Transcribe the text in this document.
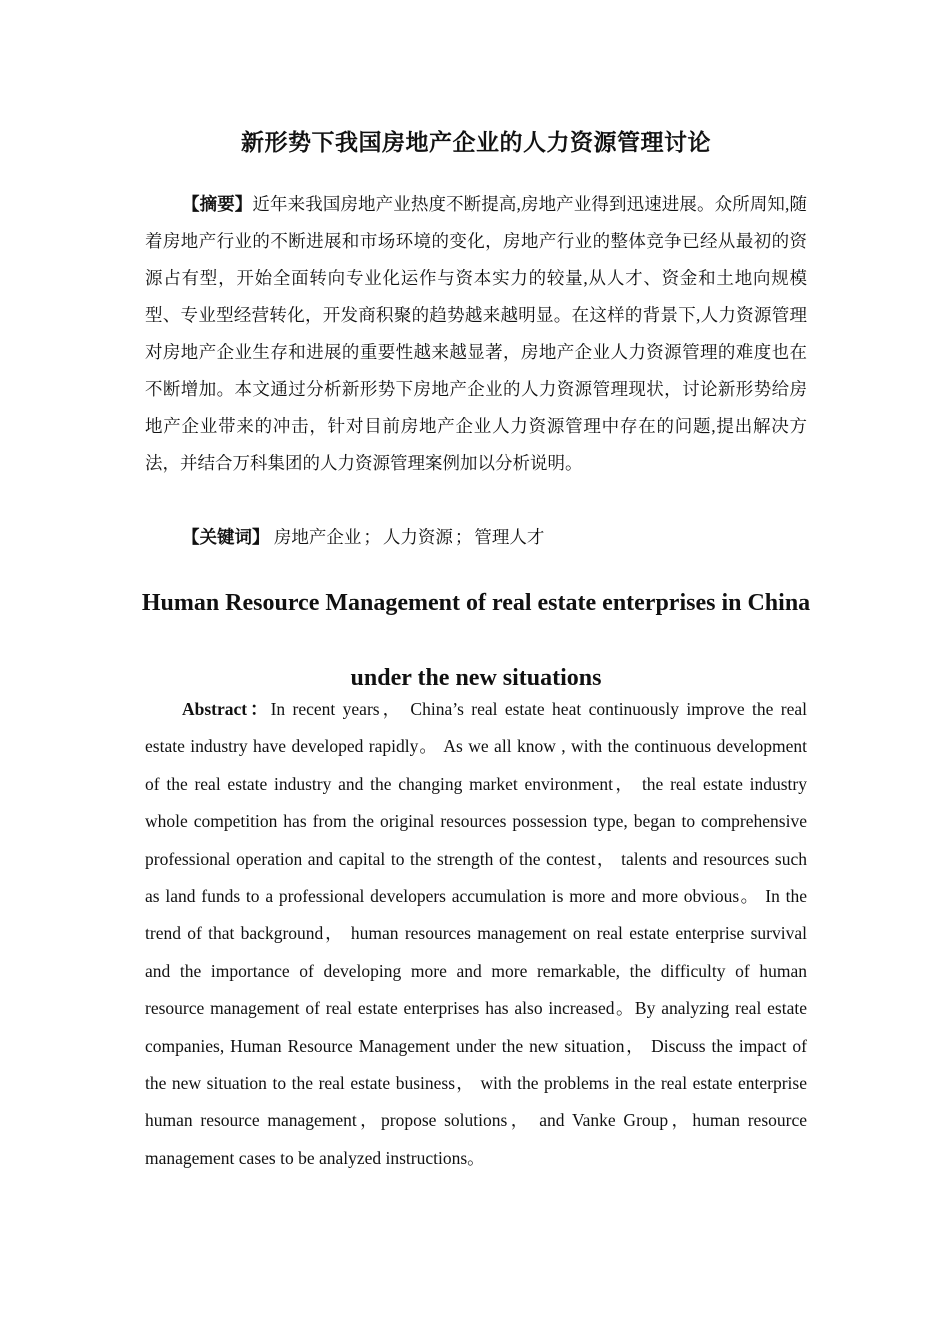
新形势下我国房地产企业的人力资源管理讨论

【摘要】近年来我国房地产业热度不断提高,房地产业得到迅速进展。众所周知,随着房地产行业的不断进展和市场环境的变化，房地产行业的整体竞争已经从最初的资源占有型，开始全面转向专业化运作与资本实力的较量,从人才、资金和土地向规模型、专业型经营转化，开发商积聚的趋势越来越明显。在这样的背景下,人力资源管理对房地产企业生存和进展的重要性越来越显著，房地产企业人力资源管理的难度也在不断增加。本文通过分析新形势下房地产企业的人力资源管理现状，讨论新形势给房地产企业带来的冲击，针对目前房地产企业人力资源管理中存在的问题,提出解决方法，并结合万科集团的人力资源管理案例加以分析说明。

【关键词】 房地产企业 ； 人力资源 ； 管理人才

Human Resource Management of real estate enterprises in China under the new situations

Abstract：In recent years， China’s real estate heat continuously improve the real estate industry have developed rapidly。 As we all know , with the continuous development of the real estate industry and the changing market environment， the real estate industry whole competition has from the original resources possession type, began to comprehensive professional operation and capital to the strength of the contest， talents and resources such as land funds to a professional developers accumulation is more and more obvious。 In the trend of that background， human resources management on real estate enterprise survival and the importance of developing more and more remarkable, the difficulty of human resource management of real estate enterprises has also increased。By analyzing real estate companies, Human Resource Management under the new situation， Discuss the impact of the new situation to the real estate business， with the problems in the real estate enterprise human resource management，propose solutions， and Vanke Group，human resource management cases to be analyzed instructions。
